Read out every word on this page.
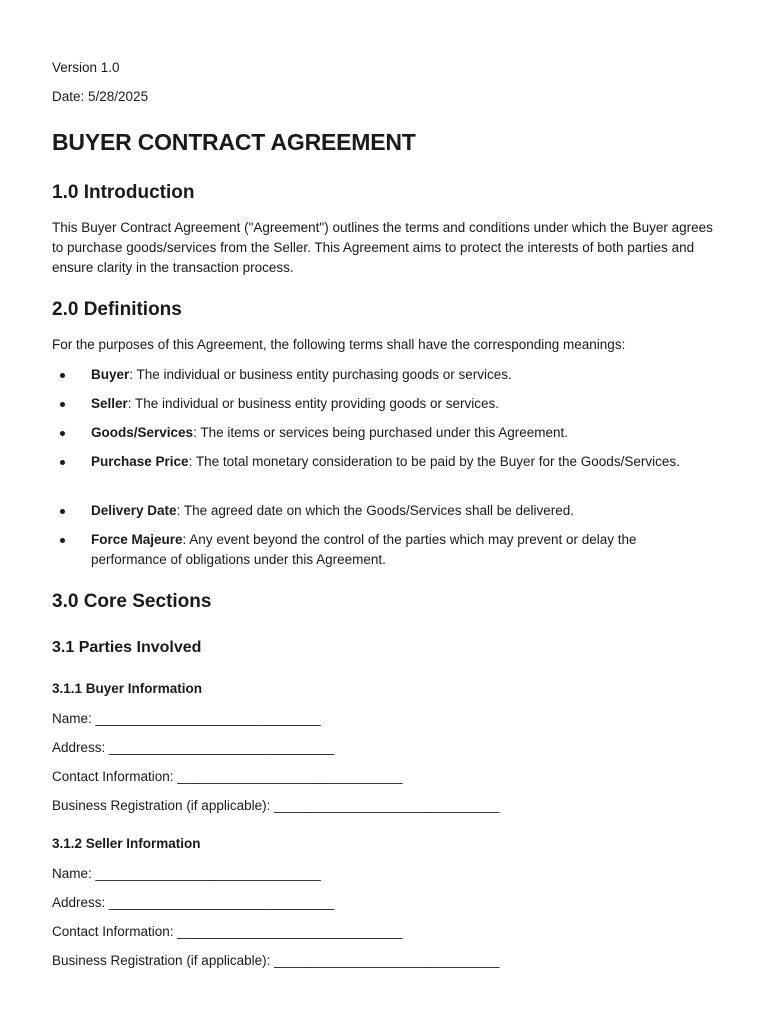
Version 1.0
Date: 5/28/2025
BUYER CONTRACT AGREEMENT
1.0 Introduction

This Buyer Contract Agreement ("Agreement") outlines the terms and conditions under which the Buyer agrees to purchase goods/services from the Seller. This Agreement aims to protect the interests of both parties and ensure clarity in the transaction process.

2.0 Definitions

For the purposes of this Agreement, the following terms shall have the corresponding meanings:

Buyer: The individual or business entity purchasing goods or services.
Seller: The individual or business entity providing goods or services.
Goods/Services: The items or services being purchased under this Agreement.
Purchase Price: The total monetary consideration to be paid by the Buyer for the Goods/Services.
Delivery Date: The agreed date on which the Goods/Services shall be delivered.
Force Majeure: Any event beyond the control of the parties which may prevent or delay the performance of obligations under this Agreement.
3.0 Core Sections
3.1 Parties Involved
3.1.1 Buyer Information
Name: ______________________________
Address: ______________________________
Contact Information: ______________________________
Business Registration (if applicable): ______________________________
3.1.2 Seller Information
Name: ______________________________
Address: ______________________________
Contact Information: ______________________________
Business Registration (if applicable): ______________________________
